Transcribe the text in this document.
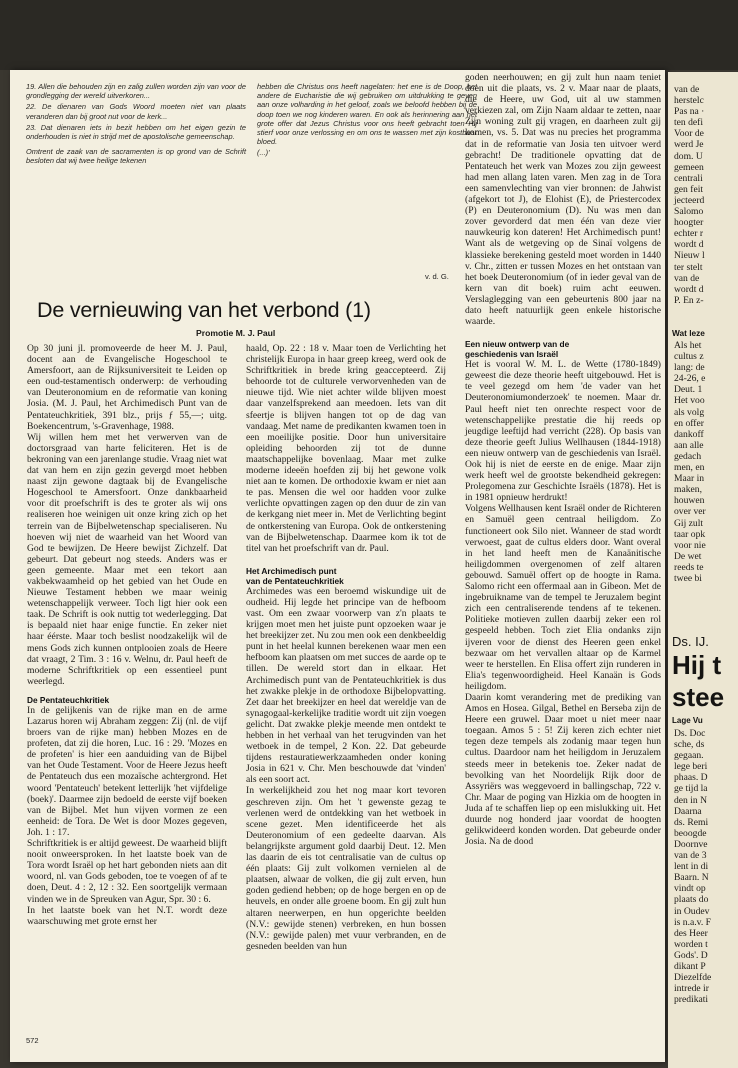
19. Allen die behouden zijn en zalig zullen worden zijn van voor de grondlegging der wereld uitverkoren...

22. De dienaren van Gods Woord moeten niet van plaats veranderen dan bij groot nut voor de kerk...

23. Dat dienaren iets in bezit hebben om het eigen gezin te onderhouden is niet in strijd met de apostolische gemeenschap.

Omtrent de zaak van de sacramenten is op grond van de Schrift besloten dat wij twee heilige tekenen

hebben die Christus ons heeft nagelaten: het ene is de Doop, het andere de Eucharistie die wij gebruiken om uitdrukking te geven aan onze volharding in het geloof, zoals we beloofd hebben bij de doop toen we nog kinderen waren. En ook als herinnering aan het grote offer dat Jezus Christus voor ons heeft gebracht toen Hij stierf voor onze verlossing en om ons te wassen met zijn kostbaar bloed.

(...)'

v. d. G.
De vernieuwing van het verbond (1)
Promotie M. J. Paul

Op 30 juni jl. promoveerde de heer M. J. Paul, docent aan de Evangelische Hogeschool te Amersfoort, aan de Rijksuniversiteit te Leiden op een oud-testamentisch onderwerp: de verhouding van Deuteronomium en de reformatie van koning Josia. (M. J. Paul, het Archimedisch Punt van de Pentateuchkritiek, 391 blz., prijs ƒ 55,—; uitg. Boekencentrum, 's-Gravenhage, 1988.

Wij willen hem met het verwerven van de doctorsgraad van harte feliciteren. Het is de bekroning van een jarenlange studie. Vraag niet wat dat van hem en zijn gezin gevergd moet hebben naast zijn gewone dagtaak bij de Evangelische Hogeschool te Amersfoort. Onze dankbaarheid voor dit proefschrift is des te groter als wij ons realiseren hoe weinigen uit onze kring zich op het terrein van de Bijbelwetenschap specialiseren. Nu hoeven wij niet de waarheid van het Woord van God te bewijzen. De Heere bewijst Zichzelf. Dat gebeurt. Dat gebeurt nog steeds. Anders was er geen gemeente. Maar met een tekort aan vakbekwaamheid op het gebied van het Oude en Nieuwe Testament hebben we maar weinig wetenschappelijk verweer. Toch ligt hier ook een taak. De Schrift is ook nuttig tot wederlegging. Dat is bepaald niet haar enige functie. En zeker niet haar éérste. Maar toch beslist noodzakelijk wil de mens Gods zich kunnen ontplooien zoals de Heere dat vraagt, 2 Tim. 3 : 16 v. Welnu, dr. Paul heeft de moderne Schriftkritiek op een essentieel punt weerlegd.

De Pentateuchkritiek

In de gelijkenis van de rijke man en de arme Lazarus horen wij Abraham zeggen: Zij (nl. de vijf broers van de rijke man) hebben Mozes en de profeten, dat zij die horen, Luc. 16 : 29. 'Mozes en de profeten' is hier een aanduiding van de Bijbel van het Oude Testament. Voor de Heere Jezus heeft de Pentateuch dus een mozaïsche achtergrond. Het woord 'Pentateuch' betekent letterlijk 'het vijfdelige (boek)'. Daarmee zijn bedoeld de eerste vijf boeken van de Bijbel. Met hun vijven vormen ze een eenheid: de Tora. De Wet is door Mozes gegeven, Joh. 1 : 17.

Schriftkritiek is er altijd geweest. De waarheid blijft nooit onweersproken. In het laatste boek van de Tora wordt Israël op het hart gebonden niets aan dit woord, nl. van Gods geboden, toe te voegen of af te doen, Deut. 4 : 2, 12 : 32. Een soortgelijk vermaan vinden we in de Spreuken van Agur, Spr. 30 : 6.

In het laatste boek van het N.T. wordt deze waarschuwing met grote ernst her

haald, Op. 22 : 18 v. Maar toen de Verlichting het christelijk Europa in haar greep kreeg, werd ook de Schriftkritiek in brede kring geaccepteerd. Zij behoorde tot de culturele verworvenheden van de nieuwe tijd. Wie niet achter wilde blijven moest daar vanzelfsprekend aan meedoen. Iets van dit sfeertje is blijven hangen tot op de dag van vandaag. Met name de predikanten kwamen toen in een moeilijke positie. Door hun universitaire opleiding behoorden zij tot de dunne maatschappelijke bovenlaag. Maar met zulke moderne ideeën hoefden zij bij het gewone volk niet aan te komen. De orthodoxie kwam er niet aan te pas. Mensen die wel oor hadden voor zulke verlichte opvattingen zagen op den duur de zin van de kerkgang niet meer in. Met de Verlichting begint de ontkerstening van Europa. Ook de ontkerstening van de Bijbelwetenschap. Daarmee kom ik tot de titel van het proefschrift van dr. Paul.

Het Archimedisch punt
van de Pentateuchkritiek

Archimedes was een beroemd wiskundige uit de oudheid. Hij legde het principe van de hefboom vast. Om een zwaar voorwerp van z'n plaats te krijgen moet men het juiste punt opzoeken waar je het breekijzer zet. Nu zou men ook een denkbeeldig punt in het heelal kunnen berekenen waar men een hefboom kan plaatsen om met succes de aarde op te tillen. De wereld stort dan in elkaar. Het Archimedisch punt van de Pentateuchkritiek is dus het zwakke plekje in de orthodoxe Bijbelopvatting. Zet daar het breekijzer en heel dat wereldje van de synagogaal-kerkelijke traditie wordt uit zijn voegen gelicht. Dat zwakke plekje meende men ontdekt te hebben in het verhaal van het terugvinden van het wetboek in de tempel, 2 Kon. 22. Dat gebeurde tijdens restauratiewerkzaamheden onder koning Josia in 621 v. Chr. Men beschouwde dat 'vinden' als een soort act.

In werkelijkheid zou het nog maar kort tevoren geschreven zijn. Om het 't gewenste gezag te verlenen werd de ontdekking van het wetboek in scene gezet. Men identificeerde het als Deuteronomium of een gedeelte daarvan. Als belangrijkste argument gold daarbij Deut. 12. Men las daarin de eis tot centralisatie van de cultus op één plaats: Gij zult volkomen vernielen al de plaatsen, alwaar de volken, die gij zult erven, hun goden gediend hebben; op de hoge bergen en op de heuvels, en onder alle groene boom. En gij zult hun altaren neerwerpen, en hun opgerichte beelden (N.V.: gewijde stenen) verbreken, en hun bossen (N.V.: gewijde palen) met vuur verbranden, en de gesneden beelden van hun

goden neerhouwen; en gij zult hun naam teniet doen uit die plaats, vs. 2 v. Maar naar de plaats, die de Heere, uw God, uit al uw stammen verkiezen zal, om Zijn Naam aldaar te zetten, naar Zijn woning zult gij vragen, en daarheen zult gij komen, vs. 5. Dat was nu precies het programma dat in de reformatie van Josia ten uitvoer werd gebracht! De traditionele opvatting dat de Pentateuch het werk van Mozes zou zijn geweest had men allang laten varen. Men zag in de Tora een samenvlechting van vier bronnen: de Jahwist (afgekort tot J), de Elohist (E), de Priestercodex (P) en Deuteronomium (D). Nu was men dan zover gevorderd dat men één van deze vier nauwkeurig kon dateren! Het Archimedisch punt! Want als de wetgeving op de Sinaï volgens de klassieke berekening gesteld moet worden in 1440 v. Chr., zitten er tussen Mozes en het ontstaan van het boek Deuteronomium (of in ieder geval van de kern van dit boek) ruim acht eeuwen. Verslaglegging van een gebeurtenis 800 jaar na dato heeft natuurlijk geen enkele historische waarde.

Een nieuw ontwerp van de
geschiedenis van Israël

Het is vooral W. M. L. de Wette (1780-1849) geweest die deze theorie heeft uitgebouwd. Het is te veel gezegd om hem 'de vader van het Deuteronomiumonderzoek' te noemen. Maar dr. Paul heeft niet ten onrechte respect voor de wetenschappelijke prestatie die hij reeds op jeugdige leeftijd had verricht (228). Op basis van deze theorie geeft Julius Wellhausen (1844-1918) een nieuw ontwerp van de geschiedenis van Israël. Ook hij is niet de eerste en de enige. Maar zijn werk heeft wel de grootste bekendheid gekregen: Prolegomena zur Geschichte Israëls (1878). Het is in 1981 opnieuw herdrukt!

Volgens Wellhausen kent Israël onder de Richteren en Samuël geen centraal heiligdom. Zo functioneert ook Silo niet. Wanneer de stad wordt verwoest, gaat de cultus elders door. Want overal in het land heeft men de Kanaänitische heiligdommen overgenomen of zelf altaren gebouwd. Samuël offert op de hoogte in Rama. Salomo richt een offermaal aan in Gibeon. Met de ingebruikname van de tempel te Jeruzalem begint zich een centraliserende tendens af te tekenen. Politieke motieven zullen daarbij zeker een rol gespeeld hebben. Toch ziet Elia ondanks zijn ijveren voor de dienst des Heeren geen enkel bezwaar om het vervallen altaar op de Karmel weer te herstellen. En Elisa offert zijn runderen in Elia's tegenwoordigheid. Heel Kanaän is Gods heiligdom.

Daarin komt verandering met de prediking van Amos en Hosea. Gilgal, Bethel en Berseba zijn de Heere een gruwel. Daar moet u niet meer naar toegaan. Amos 5 : 5! Zij keren zich echter niet tegen deze tempels als zodanig maar tegen hun cultus. Daardoor nam het heiligdom in Jeruzalem steeds meer in betekenis toe. Zeker nadat de bevolking van het Noordelijk Rijk door de Assyriërs was weggevoerd in ballingschap, 722 v. Chr. Maar de poging van Hizkia om de hoogten in Juda af te schaffen liep op een mislukking uit. Het duurde nog honderd jaar voordat de hoogten gelikwideerd konden worden. Dat gebeurde onder Josia. Na de dood

572
van de
herstelc
Pas na ·
ten defi
Voor de
werd Je
dom. U
gemeen
centrali
gen feit
jecteerd
Salomo
hoogter
echter r
wordt d
Nieuw l
ter stelt
van de
wordt d
P. En z-
Wat leze
Als het
cultus z
lang: de
24-26, e
Deut. 1
Het voo
als volg
en offer
dankoff
aan alle
gedach
men, en
Maar in
maken,
houwen
over ver
Gij zult
taar opk
voor nie
De wet
reeds te
twee bi
Ds. IJ.
Hij t
stee
Lage Vu
Ds. Doc
sche, ds
gegaan.
lege beri
phaas. D
ge tijd la
den in N
Daarna
ds. Remi
beoogde
Doornve
van de 3
lent in di
Baarn. N
vindt op
plaats do
in Oudev
is n.a.v. F
des Heer
worden t
Gods'. D
dikant P
Diezelfde
intrede ir
predikati
